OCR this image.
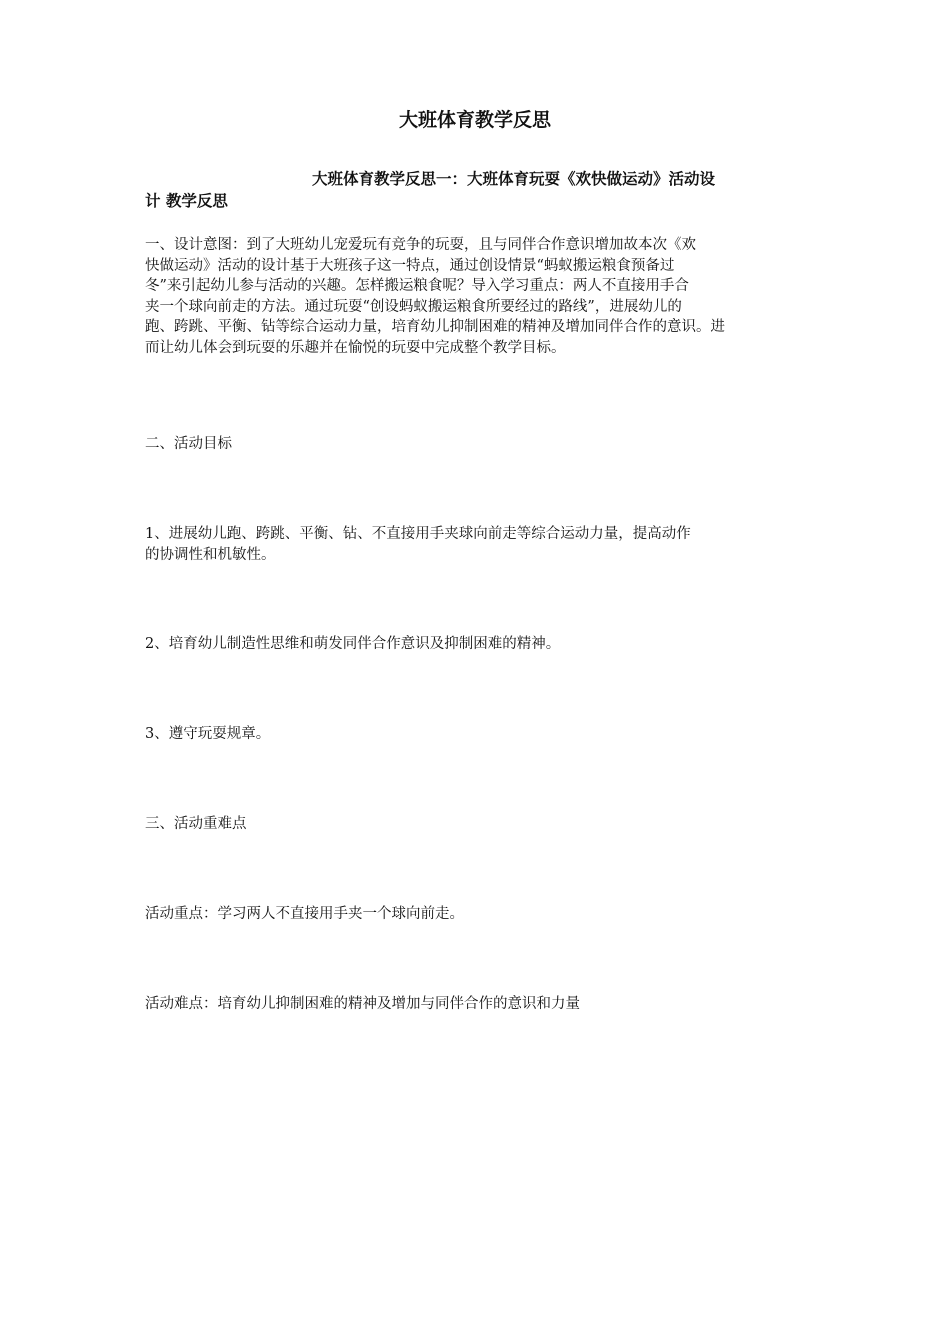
大班体育教学反思
大班体育教学反思一：大班体育玩耍《欢快做运动》活动设
计 教学反思
一、设计意图：到了大班幼儿宠爱玩有竞争的玩耍，且与同伴合作意识增加故本次《欢
快做运动》活动的设计基于大班孩子这一特点，通过创设情景“蚂蚁搬运粮食预备过
冬”来引起幼儿参与活动的兴趣。怎样搬运粮食呢？导入学习重点：两人不直接用手合
夹一个球向前走的方法。通过玩耍“创设蚂蚁搬运粮食所要经过的路线”，进展幼儿的
跑、跨跳、平衡、钻等综合运动力量，培育幼儿抑制困难的精神及增加同伴合作的意识。进
而让幼儿体会到玩耍的乐趣并在愉悦的玩耍中完成整个教学目标。

二、活动目标

1、进展幼儿跑、跨跳、平衡、钻、不直接用手夹球向前走等综合运动力量，提高动作
的协调性和机敏性。

2、培育幼儿制造性思维和萌发同伴合作意识及抑制困难的精神。

3、遵守玩耍规章。

三、活动重难点

活动重点：学习两人不直接用手夹一个球向前走。

活动难点：培育幼儿抑制困难的精神及增加与同伴合作的意识和力量
